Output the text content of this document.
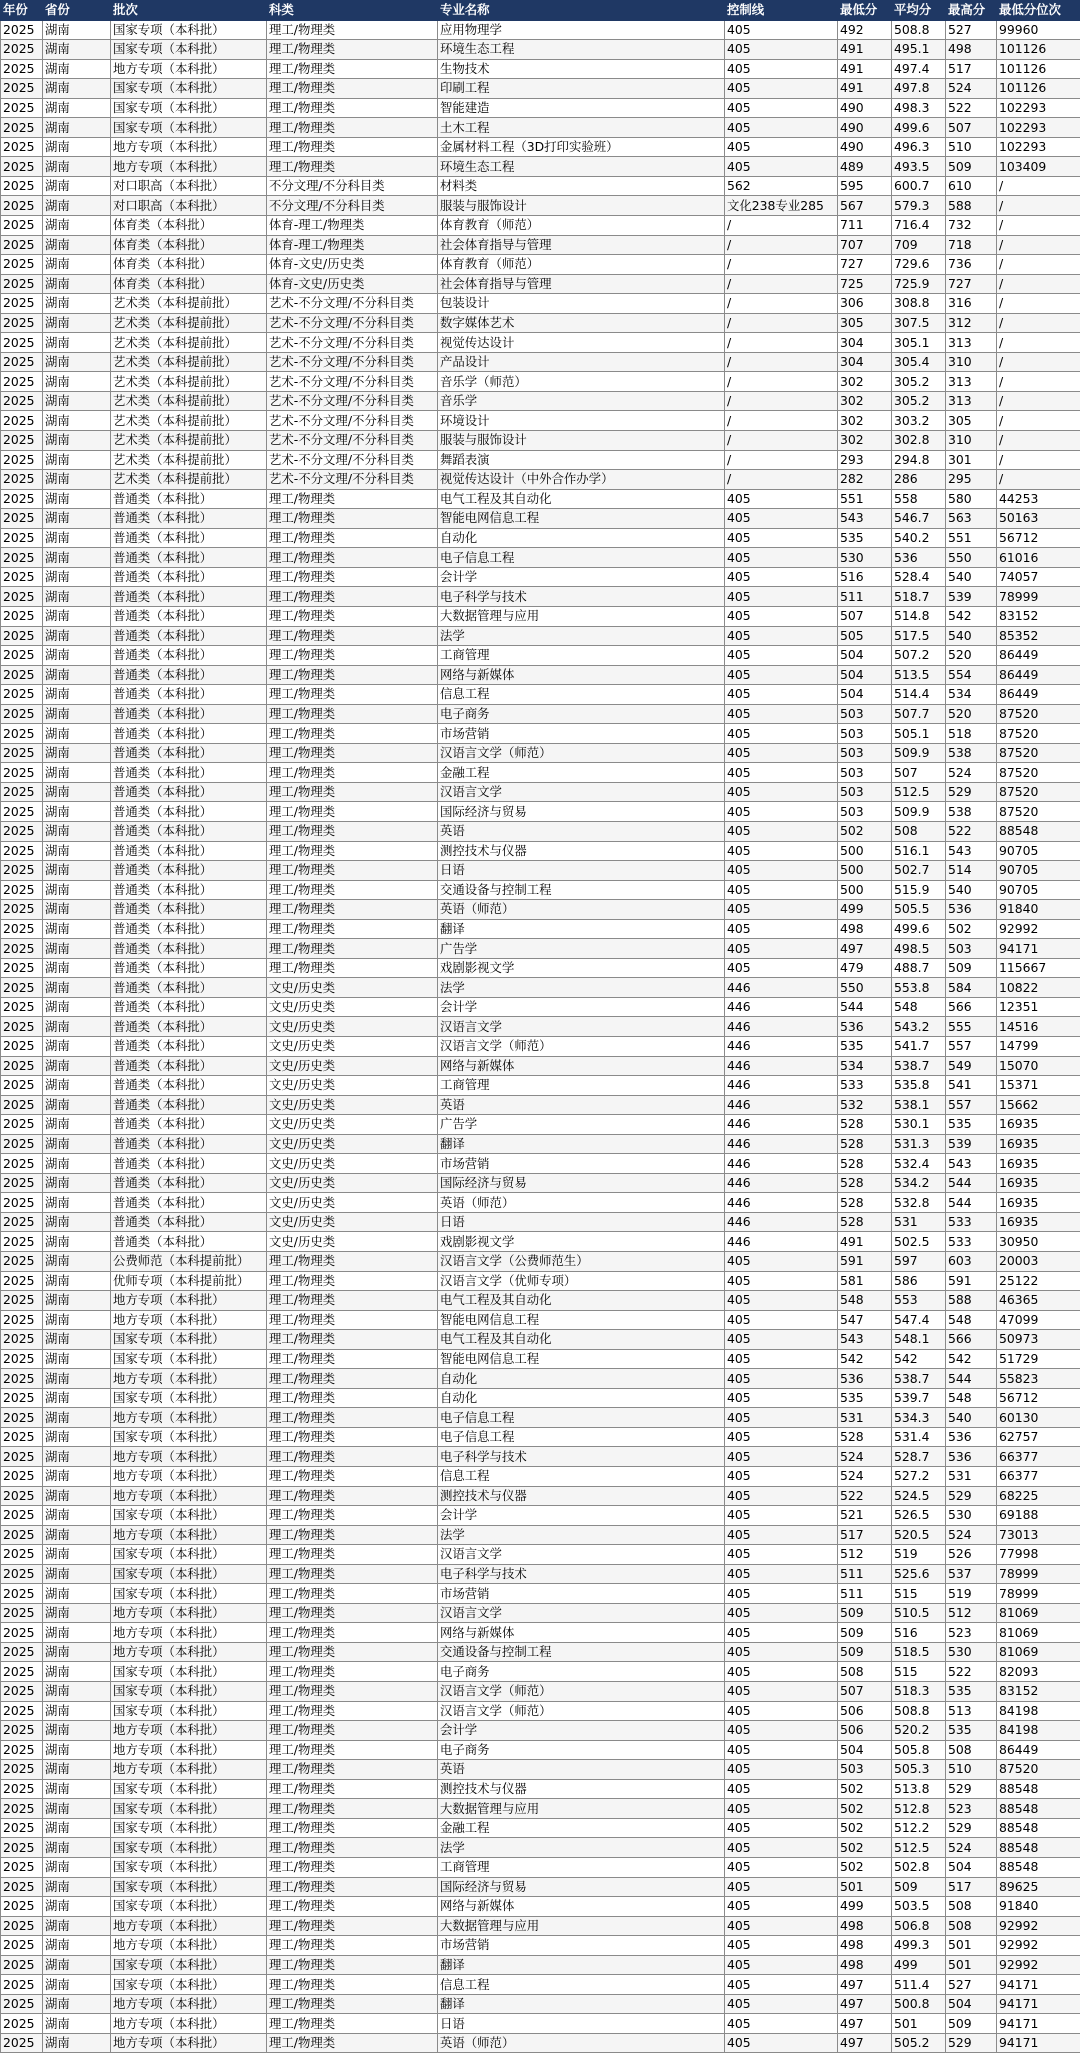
年份	省份	批次	科类	专业名称	控制线	最低分	平均分	最高分	最低分位次
2025	湖南	国家专项（本科批）	理工/物理类	应用物理学	405	492	508.8	527	99960
2025	湖南	国家专项（本科批）	理工/物理类	环境生态工程	405	491	495.1	498	101126
2025	湖南	地方专项（本科批）	理工/物理类	生物技术	405	491	497.4	517	101126
2025	湖南	国家专项（本科批）	理工/物理类	印刷工程	405	491	497.8	524	101126
2025	湖南	国家专项（本科批）	理工/物理类	智能建造	405	490	498.3	522	102293
2025	湖南	国家专项（本科批）	理工/物理类	土木工程	405	490	499.6	507	102293
2025	湖南	地方专项（本科批）	理工/物理类	金属材料工程（3D打印实验班）	405	490	496.3	510	102293
2025	湖南	地方专项（本科批）	理工/物理类	环境生态工程	405	489	493.5	509	103409
2025	湖南	对口职高（本科批）	不分文理/不分科目类	材料类	562	595	600.7	610	/
2025	湖南	对口职高（本科批）	不分文理/不分科目类	服装与服饰设计	文化238专业285	567	579.3	588	/
2025	湖南	体育类（本科批）	体育-理工/物理类	体育教育（师范）	/	711	716.4	732	/
2025	湖南	体育类（本科批）	体育-理工/物理类	社会体育指导与管理	/	707	709	718	/
2025	湖南	体育类（本科批）	体育-文史/历史类	体育教育（师范）	/	727	729.6	736	/
2025	湖南	体育类（本科批）	体育-文史/历史类	社会体育指导与管理	/	725	725.9	727	/
2025	湖南	艺术类（本科提前批）	艺术-不分文理/不分科目类	包装设计	/	306	308.8	316	/
2025	湖南	艺术类（本科提前批）	艺术-不分文理/不分科目类	数字媒体艺术	/	305	307.5	312	/
2025	湖南	艺术类（本科提前批）	艺术-不分文理/不分科目类	视觉传达设计	/	304	305.1	313	/
2025	湖南	艺术类（本科提前批）	艺术-不分文理/不分科目类	产品设计	/	304	305.4	310	/
2025	湖南	艺术类（本科提前批）	艺术-不分文理/不分科目类	音乐学（师范）	/	302	305.2	313	/
2025	湖南	艺术类（本科提前批）	艺术-不分文理/不分科目类	音乐学	/	302	305.2	313	/
2025	湖南	艺术类（本科提前批）	艺术-不分文理/不分科目类	环境设计	/	302	303.2	305	/
2025	湖南	艺术类（本科提前批）	艺术-不分文理/不分科目类	服装与服饰设计	/	302	302.8	310	/
2025	湖南	艺术类（本科提前批）	艺术-不分文理/不分科目类	舞蹈表演	/	293	294.8	301	/
2025	湖南	艺术类（本科提前批）	艺术-不分文理/不分科目类	视觉传达设计（中外合作办学）	/	282	286	295	/
2025	湖南	普通类（本科批）	理工/物理类	电气工程及其自动化	405	551	558	580	44253
2025	湖南	普通类（本科批）	理工/物理类	智能电网信息工程	405	543	546.7	563	50163
2025	湖南	普通类（本科批）	理工/物理类	自动化	405	535	540.2	551	56712
2025	湖南	普通类（本科批）	理工/物理类	电子信息工程	405	530	536	550	61016
2025	湖南	普通类（本科批）	理工/物理类	会计学	405	516	528.4	540	74057
2025	湖南	普通类（本科批）	理工/物理类	电子科学与技术	405	511	518.7	539	78999
2025	湖南	普通类（本科批）	理工/物理类	大数据管理与应用	405	507	514.8	542	83152
2025	湖南	普通类（本科批）	理工/物理类	法学	405	505	517.5	540	85352
2025	湖南	普通类（本科批）	理工/物理类	工商管理	405	504	507.2	520	86449
2025	湖南	普通类（本科批）	理工/物理类	网络与新媒体	405	504	513.5	554	86449
2025	湖南	普通类（本科批）	理工/物理类	信息工程	405	504	514.4	534	86449
2025	湖南	普通类（本科批）	理工/物理类	电子商务	405	503	507.7	520	87520
2025	湖南	普通类（本科批）	理工/物理类	市场营销	405	503	505.1	518	87520
2025	湖南	普通类（本科批）	理工/物理类	汉语言文学（师范）	405	503	509.9	538	87520
2025	湖南	普通类（本科批）	理工/物理类	金融工程	405	503	507	524	87520
2025	湖南	普通类（本科批）	理工/物理类	汉语言文学	405	503	512.5	529	87520
2025	湖南	普通类（本科批）	理工/物理类	国际经济与贸易	405	503	509.9	538	87520
2025	湖南	普通类（本科批）	理工/物理类	英语	405	502	508	522	88548
2025	湖南	普通类（本科批）	理工/物理类	测控技术与仪器	405	500	516.1	543	90705
2025	湖南	普通类（本科批）	理工/物理类	日语	405	500	502.7	514	90705
2025	湖南	普通类（本科批）	理工/物理类	交通设备与控制工程	405	500	515.9	540	90705
2025	湖南	普通类（本科批）	理工/物理类	英语（师范）	405	499	505.5	536	91840
2025	湖南	普通类（本科批）	理工/物理类	翻译	405	498	499.6	502	92992
2025	湖南	普通类（本科批）	理工/物理类	广告学	405	497	498.5	503	94171
2025	湖南	普通类（本科批）	理工/物理类	戏剧影视文学	405	479	488.7	509	115667
2025	湖南	普通类（本科批）	文史/历史类	法学	446	550	553.8	584	10822
2025	湖南	普通类（本科批）	文史/历史类	会计学	446	544	548	566	12351
2025	湖南	普通类（本科批）	文史/历史类	汉语言文学	446	536	543.2	555	14516
2025	湖南	普通类（本科批）	文史/历史类	汉语言文学（师范）	446	535	541.7	557	14799
2025	湖南	普通类（本科批）	文史/历史类	网络与新媒体	446	534	538.7	549	15070
2025	湖南	普通类（本科批）	文史/历史类	工商管理	446	533	535.8	541	15371
2025	湖南	普通类（本科批）	文史/历史类	英语	446	532	538.1	557	15662
2025	湖南	普通类（本科批）	文史/历史类	广告学	446	528	530.1	535	16935
2025	湖南	普通类（本科批）	文史/历史类	翻译	446	528	531.3	539	16935
2025	湖南	普通类（本科批）	文史/历史类	市场营销	446	528	532.4	543	16935
2025	湖南	普通类（本科批）	文史/历史类	国际经济与贸易	446	528	534.2	544	16935
2025	湖南	普通类（本科批）	文史/历史类	英语（师范）	446	528	532.8	544	16935
2025	湖南	普通类（本科批）	文史/历史类	日语	446	528	531	533	16935
2025	湖南	普通类（本科批）	文史/历史类	戏剧影视文学	446	491	502.5	533	30950
2025	湖南	公费师范（本科提前批）	理工/物理类	汉语言文学（公费师范生）	405	591	597	603	20003
2025	湖南	优师专项（本科提前批）	理工/物理类	汉语言文学（优师专项）	405	581	586	591	25122
2025	湖南	地方专项（本科批）	理工/物理类	电气工程及其自动化	405	548	553	588	46365
2025	湖南	地方专项（本科批）	理工/物理类	智能电网信息工程	405	547	547.4	548	47099
2025	湖南	国家专项（本科批）	理工/物理类	电气工程及其自动化	405	543	548.1	566	50973
2025	湖南	国家专项（本科批）	理工/物理类	智能电网信息工程	405	542	542	542	51729
2025	湖南	地方专项（本科批）	理工/物理类	自动化	405	536	538.7	544	55823
2025	湖南	国家专项（本科批）	理工/物理类	自动化	405	535	539.7	548	56712
2025	湖南	地方专项（本科批）	理工/物理类	电子信息工程	405	531	534.3	540	60130
2025	湖南	国家专项（本科批）	理工/物理类	电子信息工程	405	528	531.4	536	62757
2025	湖南	地方专项（本科批）	理工/物理类	电子科学与技术	405	524	528.7	536	66377
2025	湖南	地方专项（本科批）	理工/物理类	信息工程	405	524	527.2	531	66377
2025	湖南	地方专项（本科批）	理工/物理类	测控技术与仪器	405	522	524.5	529	68225
2025	湖南	国家专项（本科批）	理工/物理类	会计学	405	521	526.5	530	69188
2025	湖南	地方专项（本科批）	理工/物理类	法学	405	517	520.5	524	73013
2025	湖南	国家专项（本科批）	理工/物理类	汉语言文学	405	512	519	526	77998
2025	湖南	国家专项（本科批）	理工/物理类	电子科学与技术	405	511	525.6	537	78999
2025	湖南	国家专项（本科批）	理工/物理类	市场营销	405	511	515	519	78999
2025	湖南	地方专项（本科批）	理工/物理类	汉语言文学	405	509	510.5	512	81069
2025	湖南	地方专项（本科批）	理工/物理类	网络与新媒体	405	509	516	523	81069
2025	湖南	地方专项（本科批）	理工/物理类	交通设备与控制工程	405	509	518.5	530	81069
2025	湖南	国家专项（本科批）	理工/物理类	电子商务	405	508	515	522	82093
2025	湖南	国家专项（本科批）	理工/物理类	汉语言文学（师范）	405	507	518.3	535	83152
2025	湖南	国家专项（本科批）	理工/物理类	汉语言文学（师范）	405	506	508.8	513	84198
2025	湖南	地方专项（本科批）	理工/物理类	会计学	405	506	520.2	535	84198
2025	湖南	地方专项（本科批）	理工/物理类	电子商务	405	504	505.8	508	86449
2025	湖南	地方专项（本科批）	理工/物理类	英语	405	503	505.3	510	87520
2025	湖南	国家专项（本科批）	理工/物理类	测控技术与仪器	405	502	513.8	529	88548
2025	湖南	国家专项（本科批）	理工/物理类	大数据管理与应用	405	502	512.8	523	88548
2025	湖南	国家专项（本科批）	理工/物理类	金融工程	405	502	512.2	529	88548
2025	湖南	国家专项（本科批）	理工/物理类	法学	405	502	512.5	524	88548
2025	湖南	国家专项（本科批）	理工/物理类	工商管理	405	502	502.8	504	88548
2025	湖南	国家专项（本科批）	理工/物理类	国际经济与贸易	405	501	509	517	89625
2025	湖南	国家专项（本科批）	理工/物理类	网络与新媒体	405	499	503.5	508	91840
2025	湖南	地方专项（本科批）	理工/物理类	大数据管理与应用	405	498	506.8	508	92992
2025	湖南	地方专项（本科批）	理工/物理类	市场营销	405	498	499.3	501	92992
2025	湖南	国家专项（本科批）	理工/物理类	翻译	405	498	499	501	92992
2025	湖南	国家专项（本科批）	理工/物理类	信息工程	405	497	511.4	527	94171
2025	湖南	地方专项（本科批）	理工/物理类	翻译	405	497	500.8	504	94171
2025	湖南	地方专项（本科批）	理工/物理类	日语	405	497	501	509	94171
2025	湖南	地方专项（本科批）	理工/物理类	英语（师范）	405	497	505.2	529	94171
